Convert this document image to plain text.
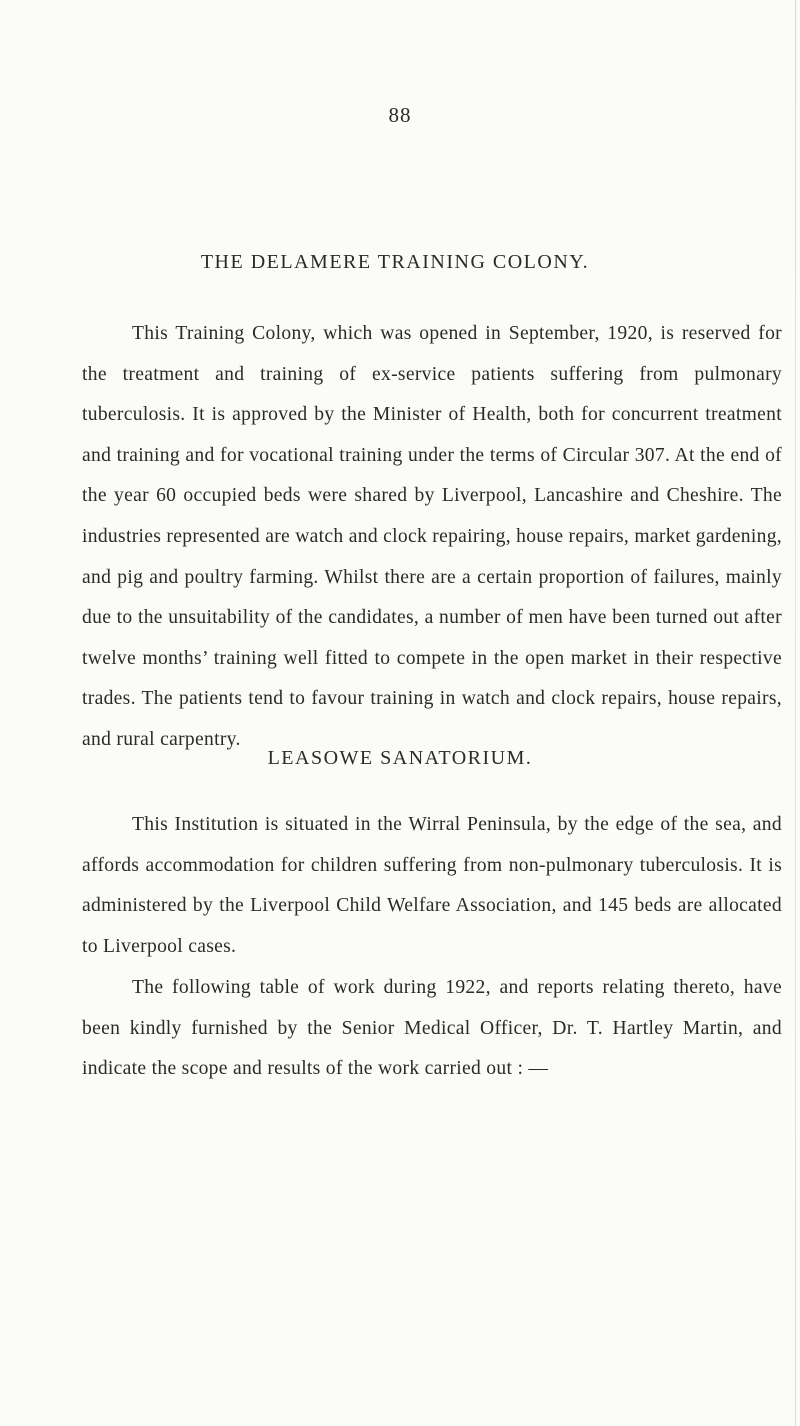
88
THE DELAMERE TRAINING COLONY.

This Training Colony, which was opened in September, 1920, is reserved for the treatment and training of ex-service patients suffering from pulmonary tuberculosis. It is approved by the Minister of Health, both for concurrent treatment and training and for vocational training under the terms of Circular 307. At the end of the year 60 occupied beds were shared by Liverpool, Lancashire and Cheshire. The industries represented are watch and clock repairing, house repairs, market gardening, and pig and poultry farming. Whilst there are a certain proportion of failures, mainly due to the unsuitability of the candidates, a number of men have been turned out after twelve months’ training well fitted to compete in the open market in their respective trades. The patients tend to favour training in watch and clock repairs, house repairs, and rural carpentry.

LEASOWE SANATORIUM.

This Institution is situated in the Wirral Peninsula, by the edge of the sea, and affords accommodation for children suffering from non-pulmonary tuberculosis. It is administered by the Liverpool Child Welfare Association, and 145 beds are allocated to Liverpool cases.

The following table of work during 1922, and reports relating thereto, have been kindly furnished by the Senior Medical Officer, Dr. T. Hartley Martin, and indicate the scope and results of the work carried out : —
